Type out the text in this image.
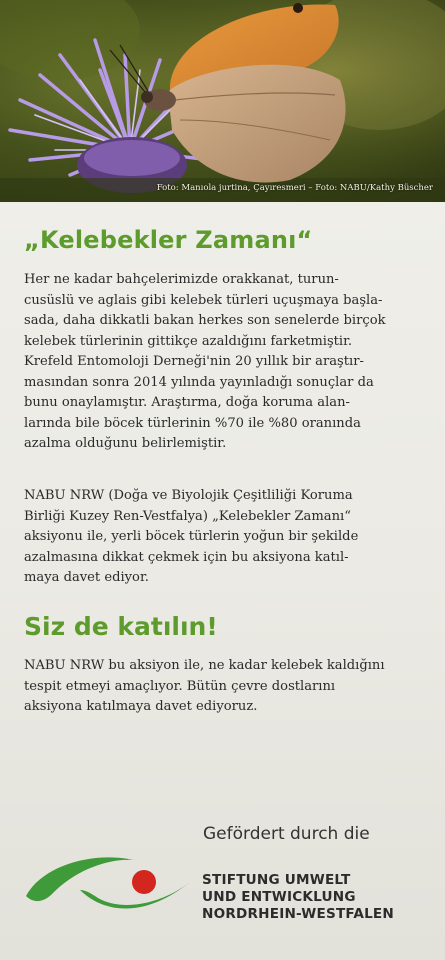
Foto: Manıola jurtina, Çayıresmeri – Foto: NABU/Kathy Büscher
„Kelebekler Zamanı“

Her ne kadar bahçelerimizde orakkanat, turun-
cusüslü ve aglais gibi kelebek türleri uçuşmaya başla-
sada, daha dikkatli bakan herkes son senelerde birçok
kelebek türlerinin gittikçe azaldığını farketmiştir.
Krefeld Entomoloji Derneği'nin 20 yıllık bir araştır-
masından sonra 2014 yılında yayınladığı sonuçlar da
bunu onaylamıştır. Araştırma, doğa koruma alan-
larında bile böcek türlerinin %70 ile %80 oranında
azalma olduğunu belirlemiştir.

NABU NRW (Doğa ve Biyolojik Çeşitliliği Koruma
Birliği Kuzey Ren-Vestfalya) „Kelebekler Zamanı“
aksiyonu ile, yerli böcek türlerin yoğun bir şekilde
azalmasına dikkat çekmek için bu aksiyona katıl-
maya davet ediyor.

Siz de katılın!

NABU NRW bu aksiyon ile, ne kadar kelebek kaldığını
tespit etmeyi amaçlıyor. Bütün çevre dostlarını
aksiyona katılmaya davet ediyoruz.

Gefördert durch die

STIFTUNG UMWELT
UND ENTWICKLUNG
NORDRHEIN-WESTFALEN
